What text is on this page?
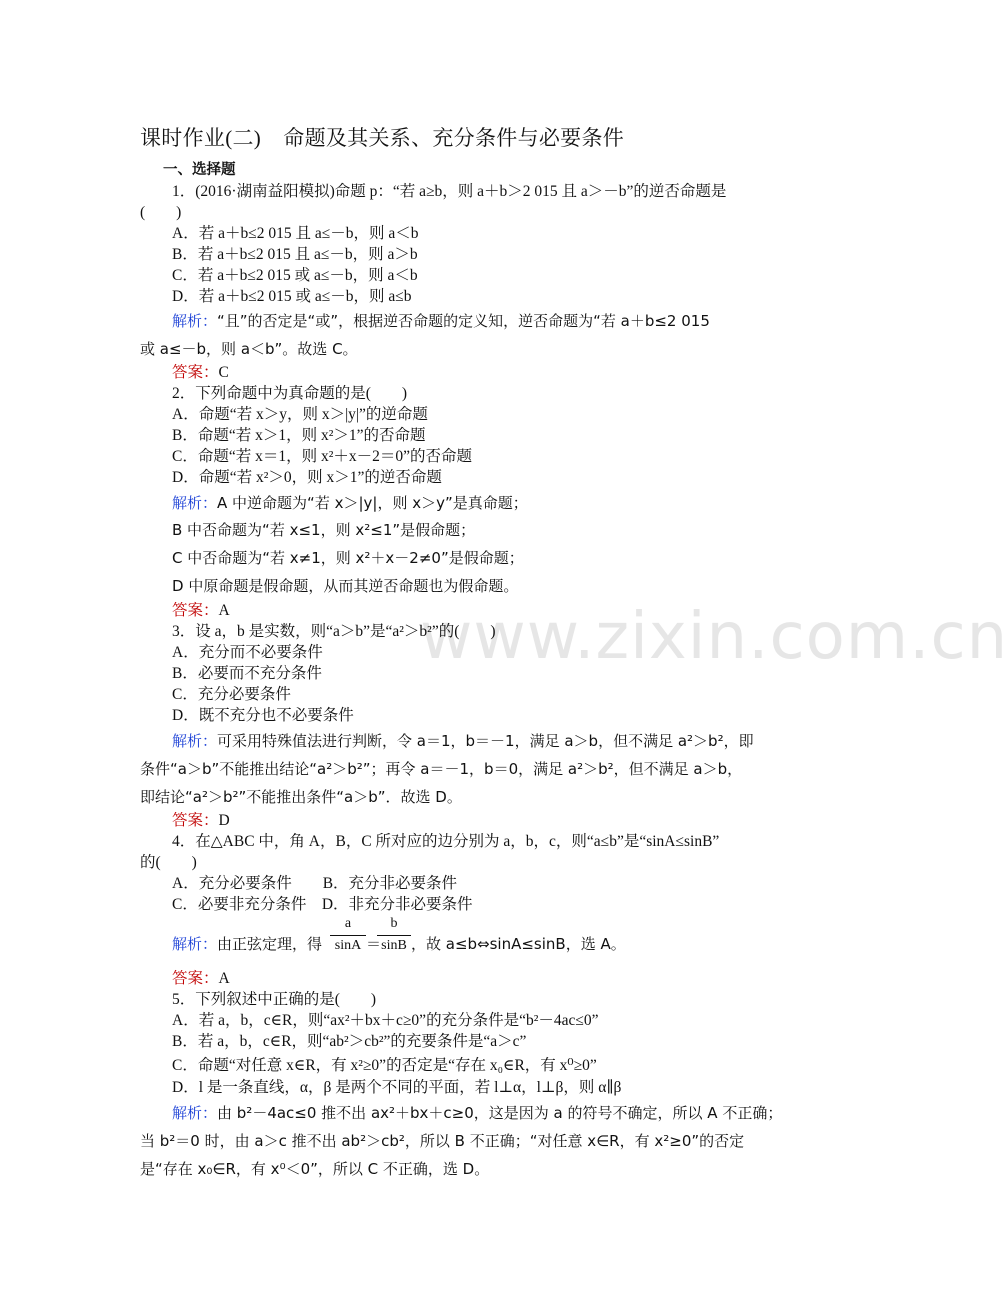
www.zixin.com.cn
课时作业(二)    命题及其关系、充分条件与必要条件
一、选择题
1．(2016·湖南益阳模拟)命题 p：“若 a≥b，则 a＋b＞2 015 且 a＞－b”的逆否命题是
(　　)
A．若 a＋b≤2 015 且 a≤－b，则 a＜b
B．若 a＋b≤2 015 且 a≤－b，则 a＞b
C．若 a＋b≤2 015 或 a≤－b，则 a＜b
D．若 a＋b≤2 015 或 a≤－b，则 a≤b
解析：“且”的否定是“或”，根据逆否命题的定义知，逆否命题为“若 a＋b≤2 015
或 a≤－b，则 a＜b”。故选 C。
答案：C
2．下列命题中为真命题的是(　　)
A．命题“若 x＞y，则 x＞|y|”的逆命题
B．命题“若 x＞1，则 x²＞1”的否命题
C．命题“若 x＝1，则 x²＋x－2＝0”的否命题
D．命题“若 x²＞0，则 x＞1”的逆否命题
解析：A 中逆命题为“若 x＞|y|，则 x＞y”是真命题；
B 中否命题为“若 x≤1，则 x²≤1”是假命题；
C 中否命题为“若 x≠1，则 x²＋x－2≠0”是假命题；
D 中原命题是假命题，从而其逆否命题也为假命题。
答案：A
3．设 a，b 是实数，则“a＞b”是“a²＞b²”的(　　)
A．充分而不必要条件
B．必要而不充分条件
C．充分必要条件
D．既不充分也不必要条件
解析：可采用特殊值法进行判断，令 a＝1，b＝－1，满足 a＞b，但不满足 a²＞b²，即
条件“a＞b”不能推出结论“a²＞b²”；再令 a＝－1，b＝0，满足 a²＞b²，但不满足 a＞b，
即结论“a²＞b²”不能推出条件“a＞b”．故选 D。
答案：D
4．在△ABC 中，角 A，B，C 所对应的边分别为 a，b，c，则“a≤b”是“sinA≤sinB”
的(　　)
A．充分必要条件　　B．充分非必要条件
C．必要非充分条件　D．非充分非必要条件
解析：由正弦定理，得
a
sinA ＝
b
sinB ，故 a≤b⇔sinA≤sinB，选 A。
答案：A
5．下列叙述中正确的是(　　)
A．若 a，b，c∈R，则“ax²＋bx＋c≥0”的充分条件是“b²－4ac≤0”
B．若 a，b，c∈R，则“ab²＞cb²”的充要条件是“a＞c”
C．命题“对任意 x∈R，有 x²≥0”的否定是“存在 x₀∈R，有 x⁰≥0”
D．l 是一条直线，α，β 是两个不同的平面，若 l⊥α，l⊥β，则 α∥β
解析：由 b²－4ac≤0 推不出 ax²＋bx＋c≥0，这是因为 a 的符号不确定，所以 A 不正确；
当 b²＝0 时，由 a＞c 推不出 ab²＞cb²，所以 B 不正确；“对任意 x∈R，有 x²≥0”的否定
是“存在 x₀∈R，有 x⁰＜0”，所以 C 不正确，选 D。
